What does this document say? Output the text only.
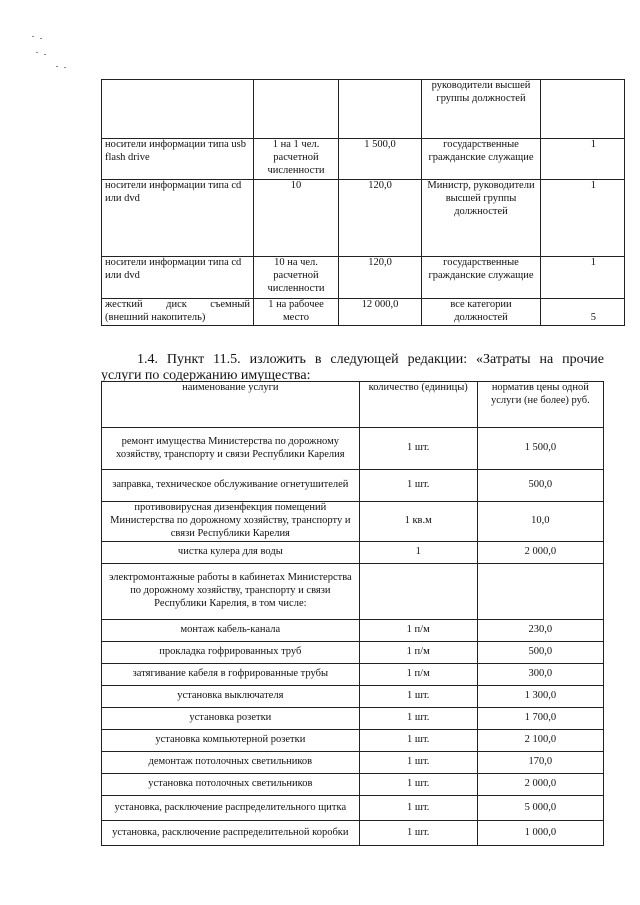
			руководители высшей группы должностей	
носители информации типа usb flash drive	1 на 1 чел. расчетной численности	1 500,0	государственные гражданские служащие	1
носители информации типа cd или dvd	10	120,0	Министр, руководители высшей группы должностей	1
носители информации типа cd или dvd	10 на чел. расчетной численности	120,0	государственные гражданские служащие	1
жесткий диск съемный (внешний накопитель)	1 на рабочее место	12 000,0	все категории должностей	5
1.4. Пункт 11.5. изложить в следующей редакции: «Затраты на прочие
услуги по содержанию имущества:
наименование услуги	количество (единицы)	норматив цены одной услуги (не более) руб.
ремонт имущества Министерства по дорожному хозяйству, транспорту и связи Республики Карелия	1 шт.	1 500,0
заправка, техническое обслуживание огнетушителей	1 шт.	500,0
противовирусная дизенфекция помещений Министерства по дорожному хозяйству, транспорту и связи Республики Карелия	1 кв.м	10,0
чистка кулера для воды	1	2 000,0
электромонтажные работы в кабинетах Министерства по дорожному хозяйству, транспорту и связи Республики Карелия, в том числе:		
монтаж кабель-канала	1 п/м	230,0
прокладка гофрированных труб	1 п/м	500,0
затягивание кабеля в гофрированные трубы	1 п/м	300,0
установка выключателя	1 шт.	1 300,0
установка розетки	1 шт.	1 700,0
установка компьютерной розетки	1 шт.	2 100,0
демонтаж потолочных светильников	1 шт.	170,0
установка потолочных светильников	1 шт.	2 000,0
установка, расключение распределительного щитка	1 шт.	5 000,0
установка, расключение распределительной коробки	1 шт.	1 000,0
